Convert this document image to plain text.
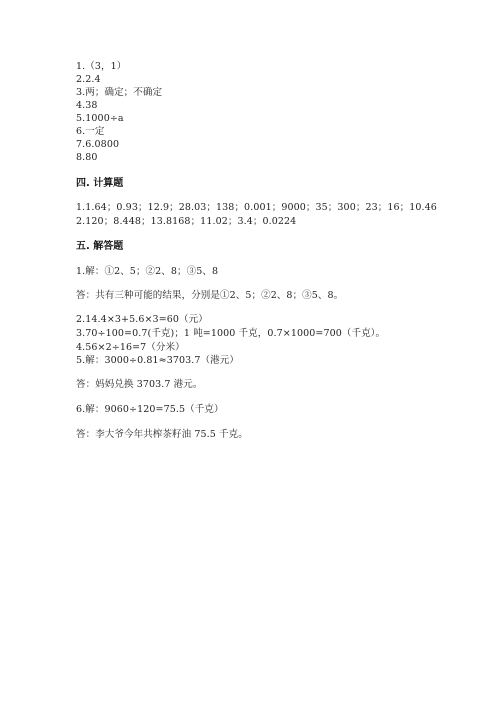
1.（3，1）
2.2.4
3.两；确定；不确定
4.38
5.1000÷a
6.一定
7.6.0800
8.80
四. 计算题
1.1.64；0.93；12.9；28.03；138；0.001；9000；35；300；23；16；10.46
2.120；8.448；13.8168；11.02；3.4；0.0224
五. 解答题
1.解：①2、5；②2、8；③5、8
答：共有三种可能的结果，分别是①2、5；②2、8；③5、8。
2.14.4×3+5.6×3=60（元）
3.70÷100=0.7(千克)；1 吨=1000 千克，0.7×1000=700（千克）。
4.56×2÷16=7（分米）
5.解：3000÷0.81≈3703.7（港元）
答：妈妈兑换 3703.7 港元。
6.解：9060÷120=75.5（千克）
答：李大爷今年共榨茶籽油 75.5 千克。
